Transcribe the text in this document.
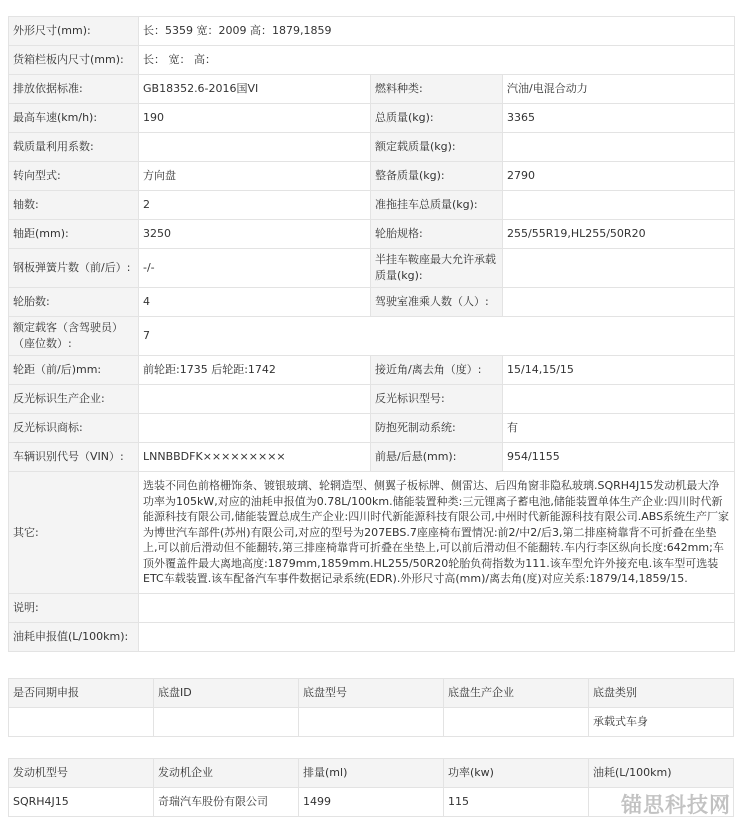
外形尺寸(mm):	长：5359 宽：2009 高：1879,1859		
货箱栏板内尺寸(mm):	长： 宽： 高：		
排放依据标准:	GB18352.6-2016国VI	燃料种类:	汽油/电混合动力
最高车速(km/h):	190	总质量(kg):	3365
载质量利用系数:		额定载质量(kg):	
转向型式:	方向盘	整备质量(kg):	2790
轴数:	2	准拖挂车总质量(kg):	
轴距(mm):	3250	轮胎规格:	255/55R19,HL255/50R20
钢板弹簧片数（前/后）:	-/-	半挂车鞍座最大允许承载质量(kg):	
轮胎数:	4	驾驶室准乘人数（人）:	
额定载客（含驾驶员）（座位数）:	7		
轮距（前/后)mm:	前轮距:1735 后轮距:1742	接近角/离去角（度）:	15/14,15/15
反光标识生产企业:		反光标识型号:	
反光标识商标:		防抱死制动系统:	有
车辆识别代号（VIN）:	LNNBBDFK×××××××××	前悬/后悬(mm):	954/1155
其它:	选装不同色前格栅饰条、镀银玻璃、轮辋造型、侧翼子板标牌、侧雷达、后四角窗非隐私玻璃.SQRH4J15发动机最大净功率为105kW,对应的油耗申报值为0.78L/100km.储能装置种类:三元锂离子蓄电池,储能装置单体生产企业:四川时代新能源科技有限公司,储能装置总成生产企业:四川时代新能源科技有限公司,中州时代新能源科技有限公司.ABS系统生产厂家为博世汽车部件(苏州)有限公司,对应的型号为207EBS.7座座椅布置情况:前2/中2/后3,第二排座椅靠背不可折叠在坐垫上,可以前后滑动但不能翻转,第三排座椅靠背可折叠在坐垫上,可以前后滑动但不能翻转.车内行李区纵向长度:642mm;车顶外覆盖件最大离地高度:1879mm,1859mm.HL255/50R20轮胎负荷指数为111.该车型允许外接充电.该车型可选装ETC车载装置.该车配备汽车事件数据记录系统(EDR).外形尺寸高(mm)/离去角(度)对应关系:1879/14,1859/15.		
说明:			
油耗申报值(L/100km):			
是否同期申报	底盘ID	底盘型号	底盘生产企业	底盘类别
				承载式车身
发动机型号	发动机企业	排量(ml)	功率(kw)	油耗(L/100km)
SQRH4J15	奇瑞汽车股份有限公司	1499	115		锚思科技网
